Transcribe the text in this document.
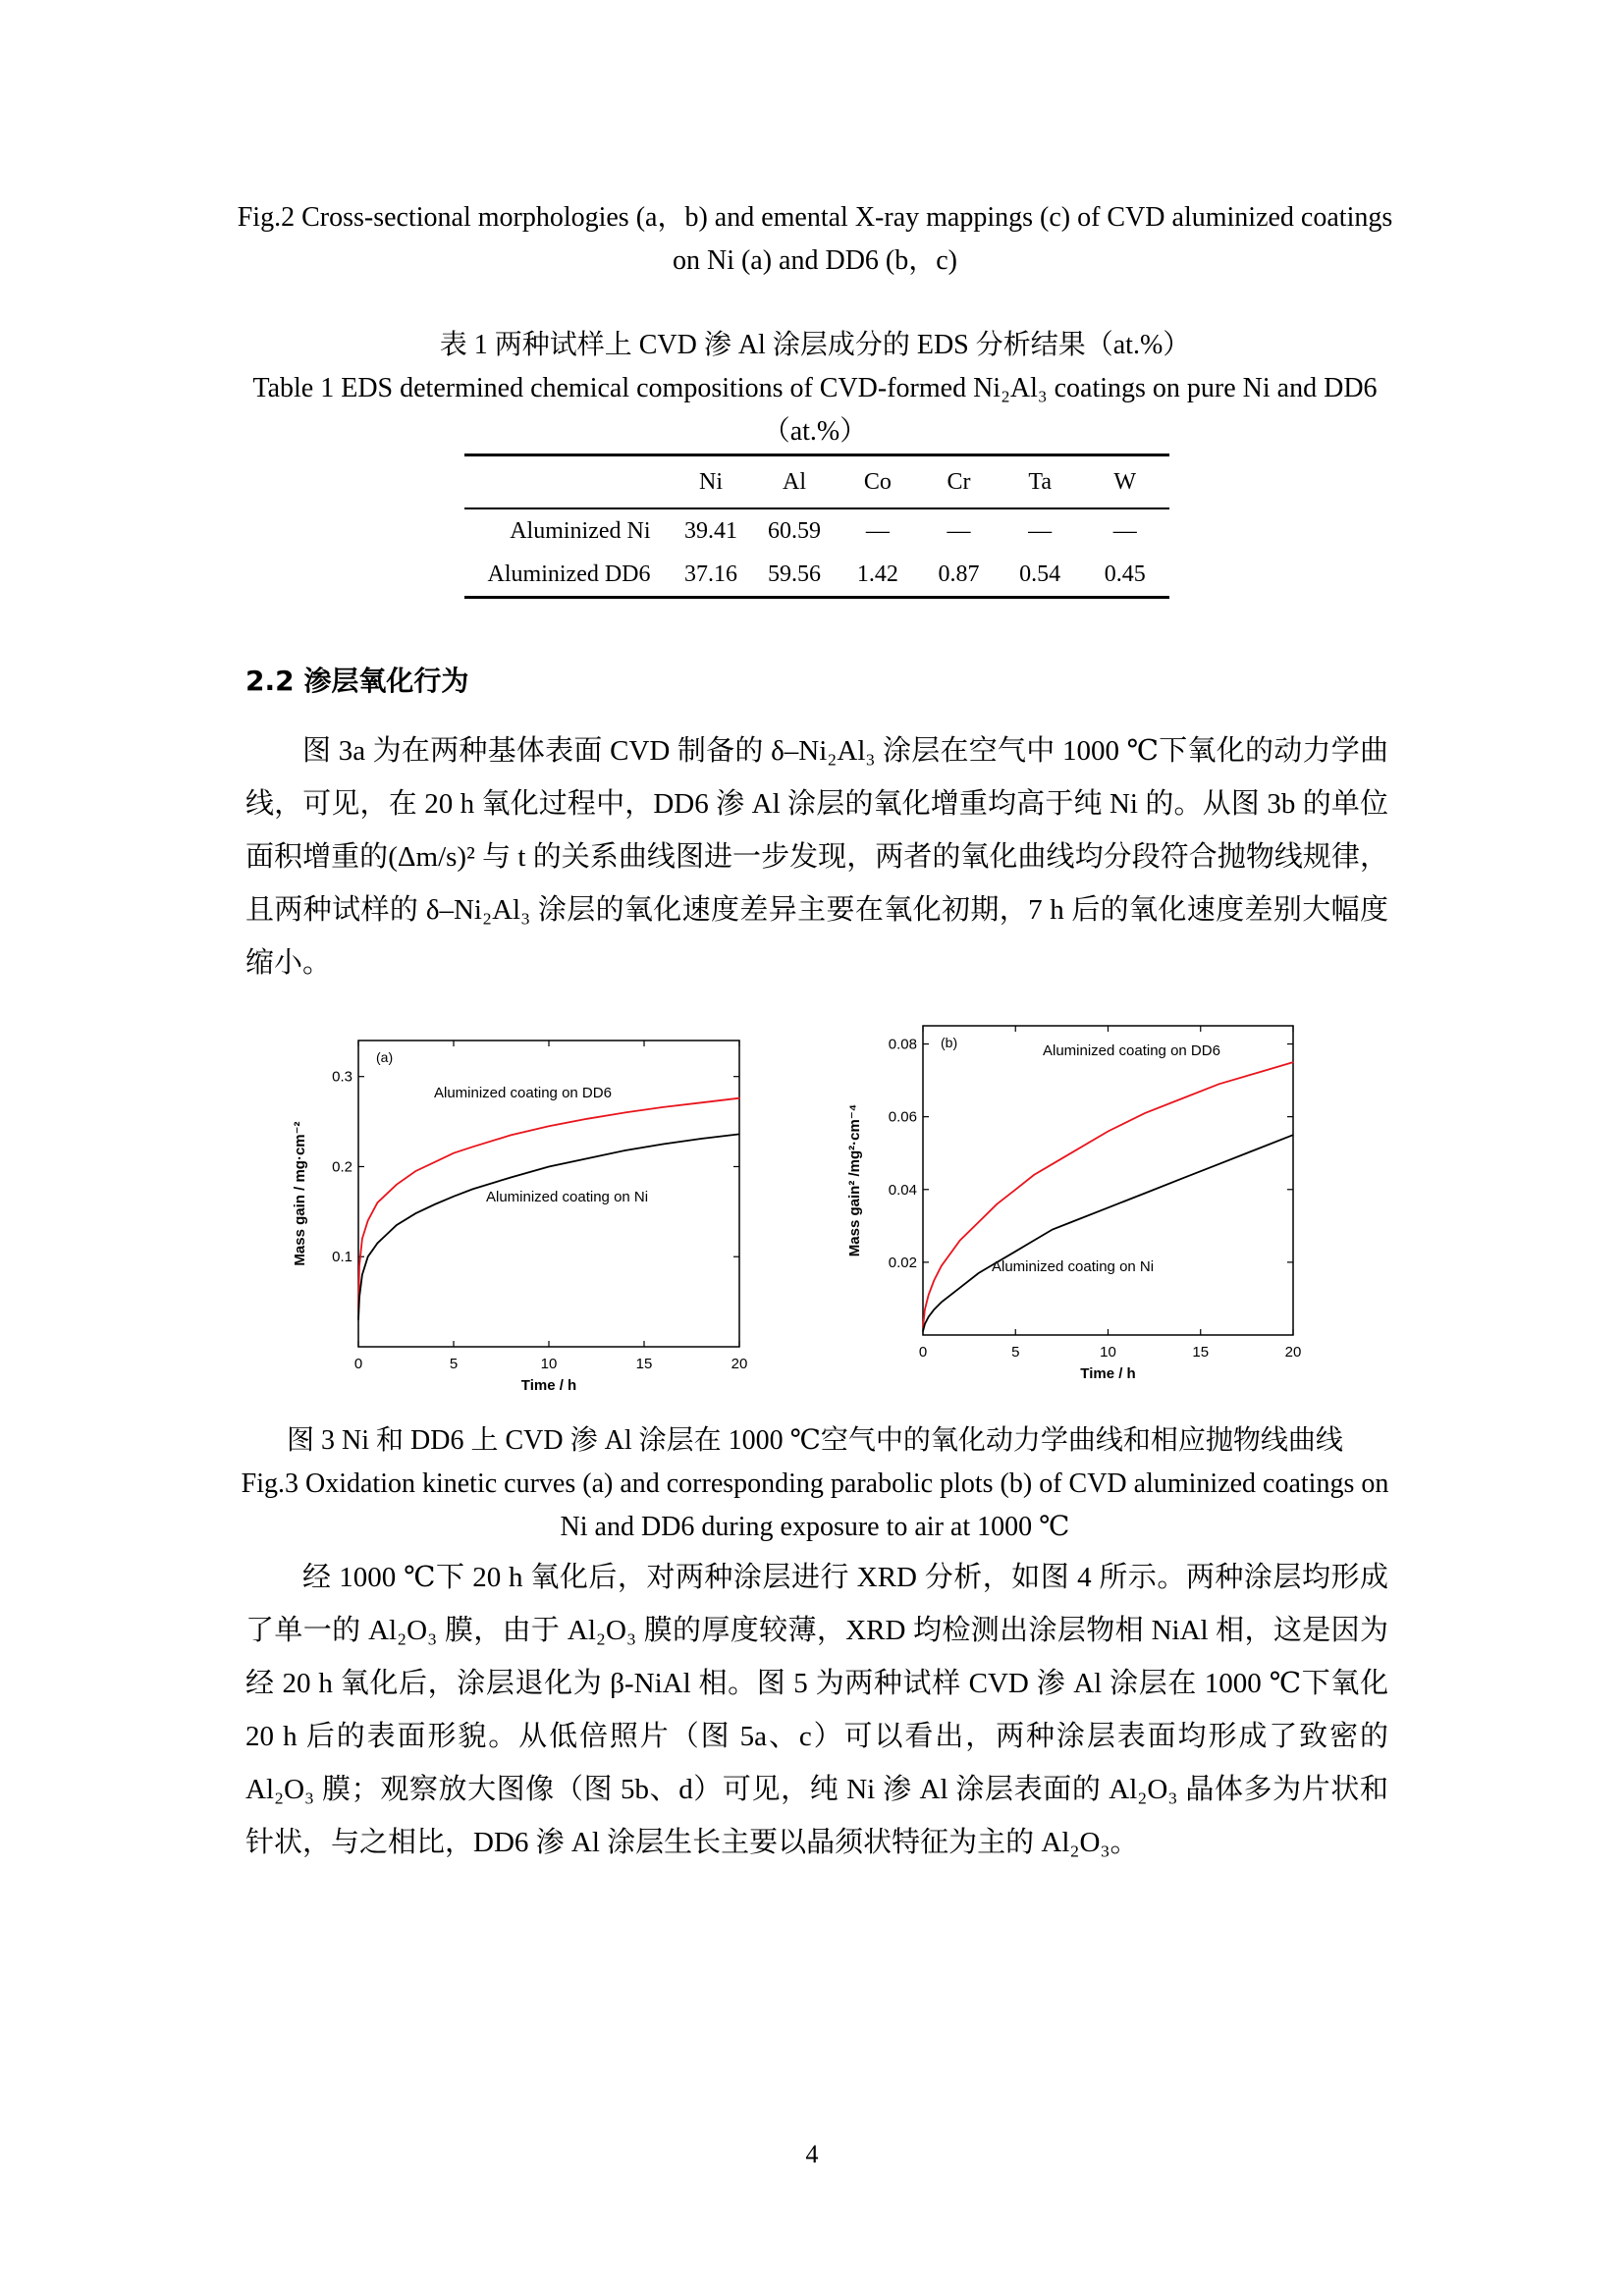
Fig.2 Cross-sectional morphologies (a，b) and emental X-ray mappings (c) of CVD aluminized coatings on Ni (a) and DD6 (b，c)
表 1 两种试样上 CVD 渗 Al 涂层成分的 EDS 分析结果（at.%）
Table 1 EDS determined chemical compositions of CVD-formed Ni₂Al₃ coatings on pure Ni and DD6 （at.%）
	Ni	Al	Co	Cr	Ta	W
Aluminized Ni	39.41	60.59	—	—	—	—
Aluminized DD6	37.16	59.56	1.42	0.87	0.54	0.45
2.2 渗层氧化行为
图 3a 为在两种基体表面 CVD 制备的 δ–Ni₂Al₃ 涂层在空气中 1000 ℃下氧化的动力学曲线，可见，在 20 h 氧化过程中，DD6 渗 Al 涂层的氧化增重均高于纯 Ni 的。从图 3b 的单位面积增重的(Δm/s)² 与 t 的关系曲线图进一步发现，两者的氧化曲线均分段符合抛物线规律，且两种试样的 δ–Ni₂Al₃ 涂层的氧化速度差异主要在氧化初期，7 h 后的氧化速度差别大幅度缩小。
0	5	10	15	20
0.1
0.2
0.3
(a)
Time / h
Mass gain / mg·cm⁻²
Aluminized coating on DD6
Aluminized coating on Ni
0	5	10	15	20
0.02
0.04
0.06
0.08 (b)
Time / h
Mass gain² /mg²·cm⁻⁴
Aluminized coating on DD6
Aluminized coating on Ni
图 3 Ni 和 DD6 上 CVD 渗 Al 涂层在 1000 ℃空气中的氧化动力学曲线和相应抛物线曲线
Fig.3 Oxidation kinetic curves (a) and corresponding parabolic plots (b) of CVD aluminized coatings on Ni and DD6 during exposure to air at 1000 ℃
经 1000 ℃下 20 h 氧化后，对两种涂层进行 XRD 分析，如图 4 所示。两种涂层均形成了单一的 Al₂O₃ 膜，由于 Al₂O₃ 膜的厚度较薄，XRD 均检测出涂层物相 NiAl 相，这是因为经 20 h 氧化后，涂层退化为 β-NiAl 相。图 5 为两种试样 CVD 渗 Al 涂层在 1000 ℃下氧化 20 h 后的表面形貌。从低倍照片（图 5a、c）可以看出，两种涂层表面均形成了致密的 Al₂O₃ 膜；观察放大图像（图 5b、d）可见，纯 Ni 渗 Al 涂层表面的 Al₂O₃ 晶体多为片状和针状，与之相比，DD6 渗 Al 涂层生长主要以晶须状特征为主的 Al₂O₃。
4
